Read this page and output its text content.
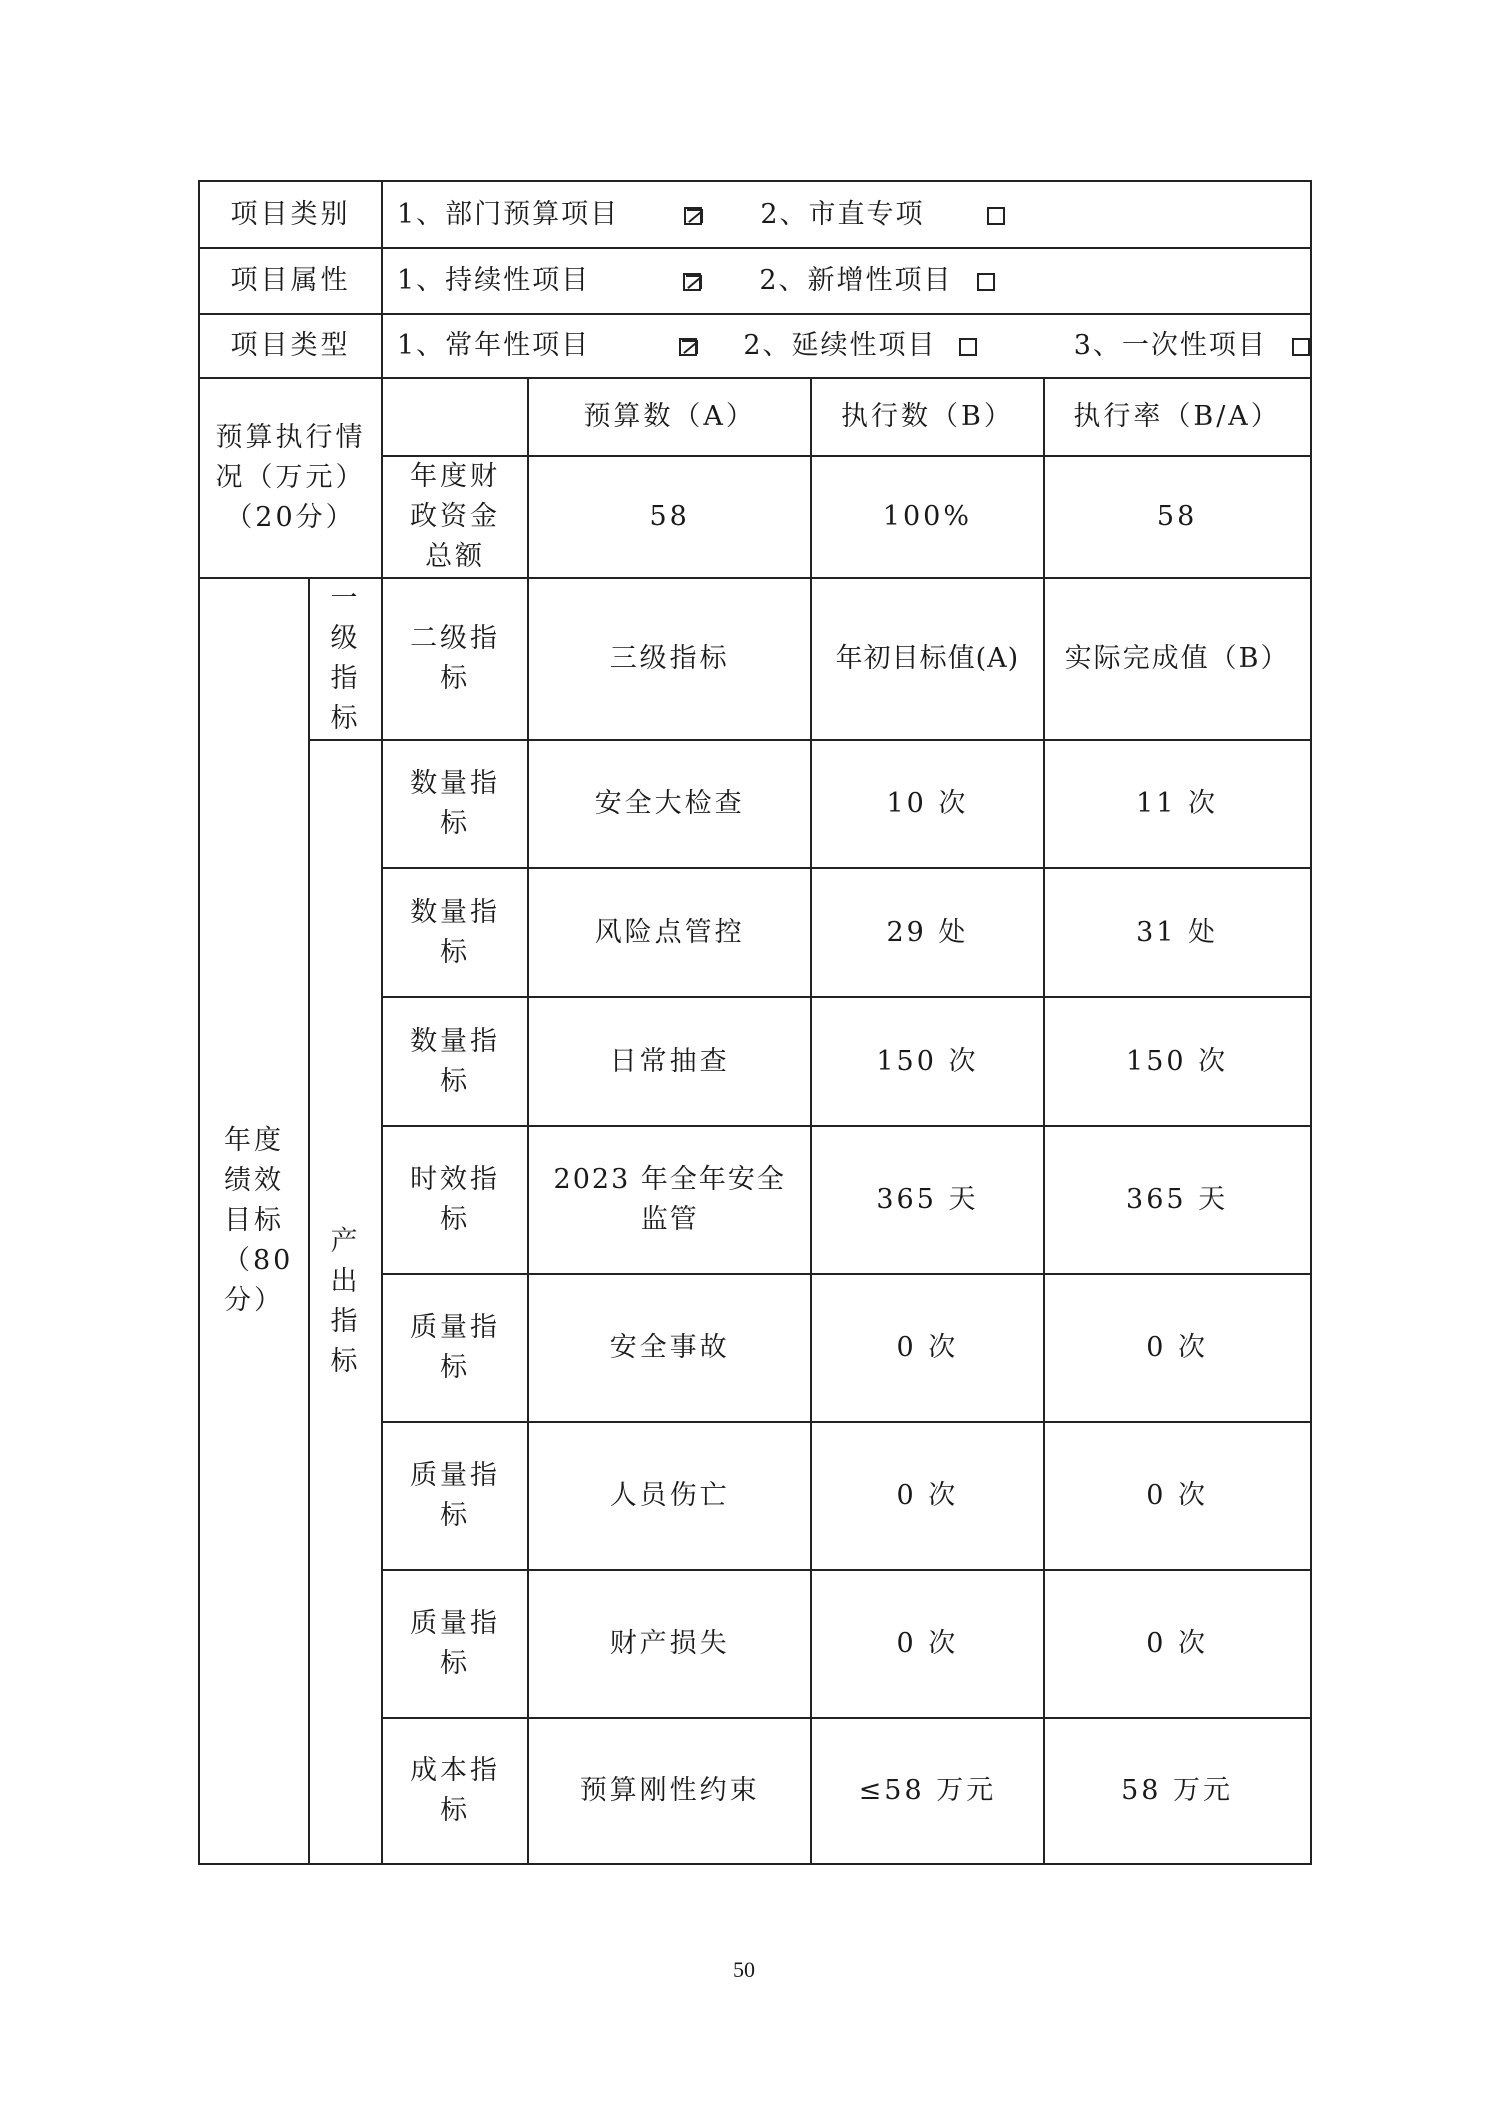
项目类别		1、部门预算项目 2、市直专项			
项目属性		1、持续性项目 2、新增性项目			
项目类型		1、常年性项目 2、延续性项目 3、一次性项目			

预算执行情况（万元）（20分）			预算数（A）	执行数（B）	执行率（B/A）

		年度财政资金总额	58	100%	58

年度绩效目标（80分）	一级指标	二级指标	三级指标	年初目标值(A)	实际完成值（B）

	产出指标	数量指标	安全大检查	10 次	11 次

		数量指标	风险点管控	29 处	31 处

		数量指标	日常抽查	150 次	150 次

		时效指标	2023 年全年安全监管	365 天	365 天

		质量指标	安全事故	0 次	0 次

		质量指标	人员伤亡	0 次	0 次

		质量指标	财产损失	0 次	0 次

		成本指标	预算刚性约束	≤58 万元	58 万元
50
